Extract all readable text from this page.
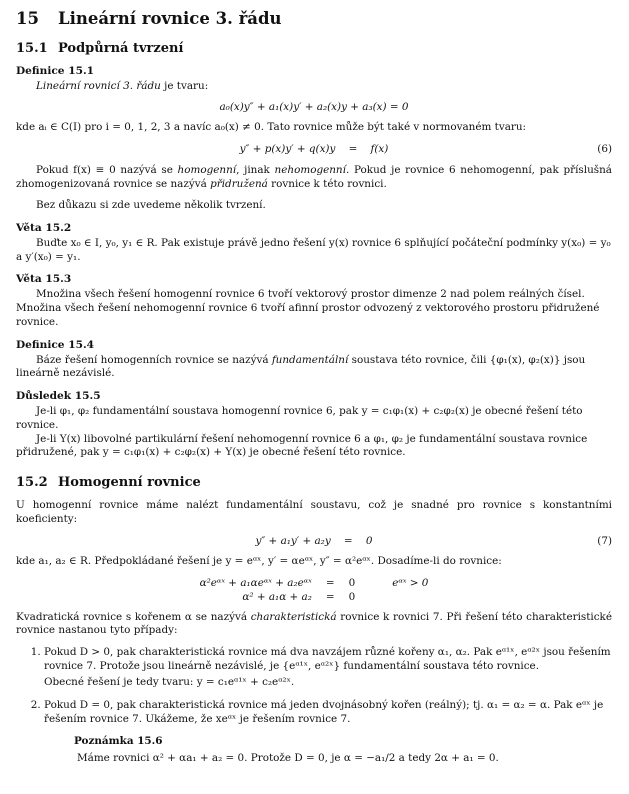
15 Lineární rovnice 3. řádu
15.1 Podpůrná tvrzení
Definice 15.1

Lineární rovnicí 3. řádu je tvaru:

a₀(x)y″ + a₁(x)y′ + a₂(x)y + a₃(x) = 0

kde aᵢ ∈ C(I) pro i = 0, 1, 2, 3 a navíc a₀(x) ≠ 0. Tato rovnice může být také v normovaném tvaru:

y″ + p(x)y′ + q(x)y = f(x)	(6)

Pokud f(x) ≡ 0 nazývá se homogenní, jinak nehomogenní. Pokud je rovnice 6 nehomogenní, pak příslušná zhomogenizovaná rovnice se nazývá přidružená rovnice k této rovnici.

Bez důkazu si zde uvedeme několik tvrzení.

Věta 15.2

Buďte x₀ ∈ I, y₀, y₁ ∈ R. Pak existuje právě jedno řešení y(x) rovnice 6 splňující počáteční podmínky y(x₀) = y₀ a y′(x₀) = y₁.

Věta 15.3

Množina všech řešení homogenní rovnice 6 tvoří vektorový prostor dimenze 2 nad polem reálných čísel. Množina všech řešení nehomogenní rovnice 6 tvoří afinní prostor odvozený z vektorového prostoru přidružené rovnice.

Definice 15.4

Báze řešení homogenních rovnice se nazývá fundamentální soustava této rovnice, čili {φ₁(x), φ₂(x)} jsou lineárně nezávislé.

Důsledek 15.5

Je-li φ₁, φ₂ fundamentální soustava homogenní rovnice 6, pak y = c₁φ₁(x) + c₂φ₂(x) je obecné řešení této rovnice.

Je-li Y(x) libovolné partikulární řešení nehomogenní rovnice 6 a φ₁, φ₂ je fundamentální soustava rovnice přidružené, pak y = c₁φ₁(x) + c₂φ₂(x) + Y(x) je obecné řešení této rovnice.

15.2 Homogenní rovnice

U homogenní rovnice máme nalézt fundamentální soustavu, což je snadné pro rovnice s konstantními koeficienty:

y″ + a₁y′ + a₂y = 0	(7)

kde a₁, a₂ ∈ R. Předpokládané řešení je y = eᵅˣ, y′ = αeᵅˣ, y″ = α²eᵅˣ. Dosadíme-li do rovnice:

α²eᵅˣ + a₁αeᵅˣ + a₂eᵅˣ	=	0	eᵅˣ > 0
α² + a₁α + a₂	=	0	

Kvadratická rovnice s kořenem α se nazývá charakteristická rovnice k rovnici 7. Při řešení této charakteristické rovnice nastanou tyto případy:

1. Pokud D > 0, pak charakteristická rovnice má dva navzájem různé kořeny α₁, α₂. Pak eᵅ¹ˣ, eᵅ²ˣ jsou řešením rovnice 7. Protože jsou lineárně nezávislé, je {eᵅ¹ˣ, eᵅ²ˣ} fundamentální soustava této rovnice.

Obecné řešení je tedy tvaru: y = c₁eᵅ¹ˣ + c₂eᵅ²ˣ.

2. Pokud D = 0, pak charakteristická rovnice má jeden dvojnásobný kořen (reálný); tj. α₁ = α₂ = α. Pak eᵅˣ je řešením rovnice 7. Ukážeme, že xeᵅˣ je řešením rovnice 7.

Poznámka 15.6

Máme rovnici α² + αa₁ + a₂ = 0. Protože D = 0, je α = −a₁/2 a tedy 2α + a₁ = 0.
